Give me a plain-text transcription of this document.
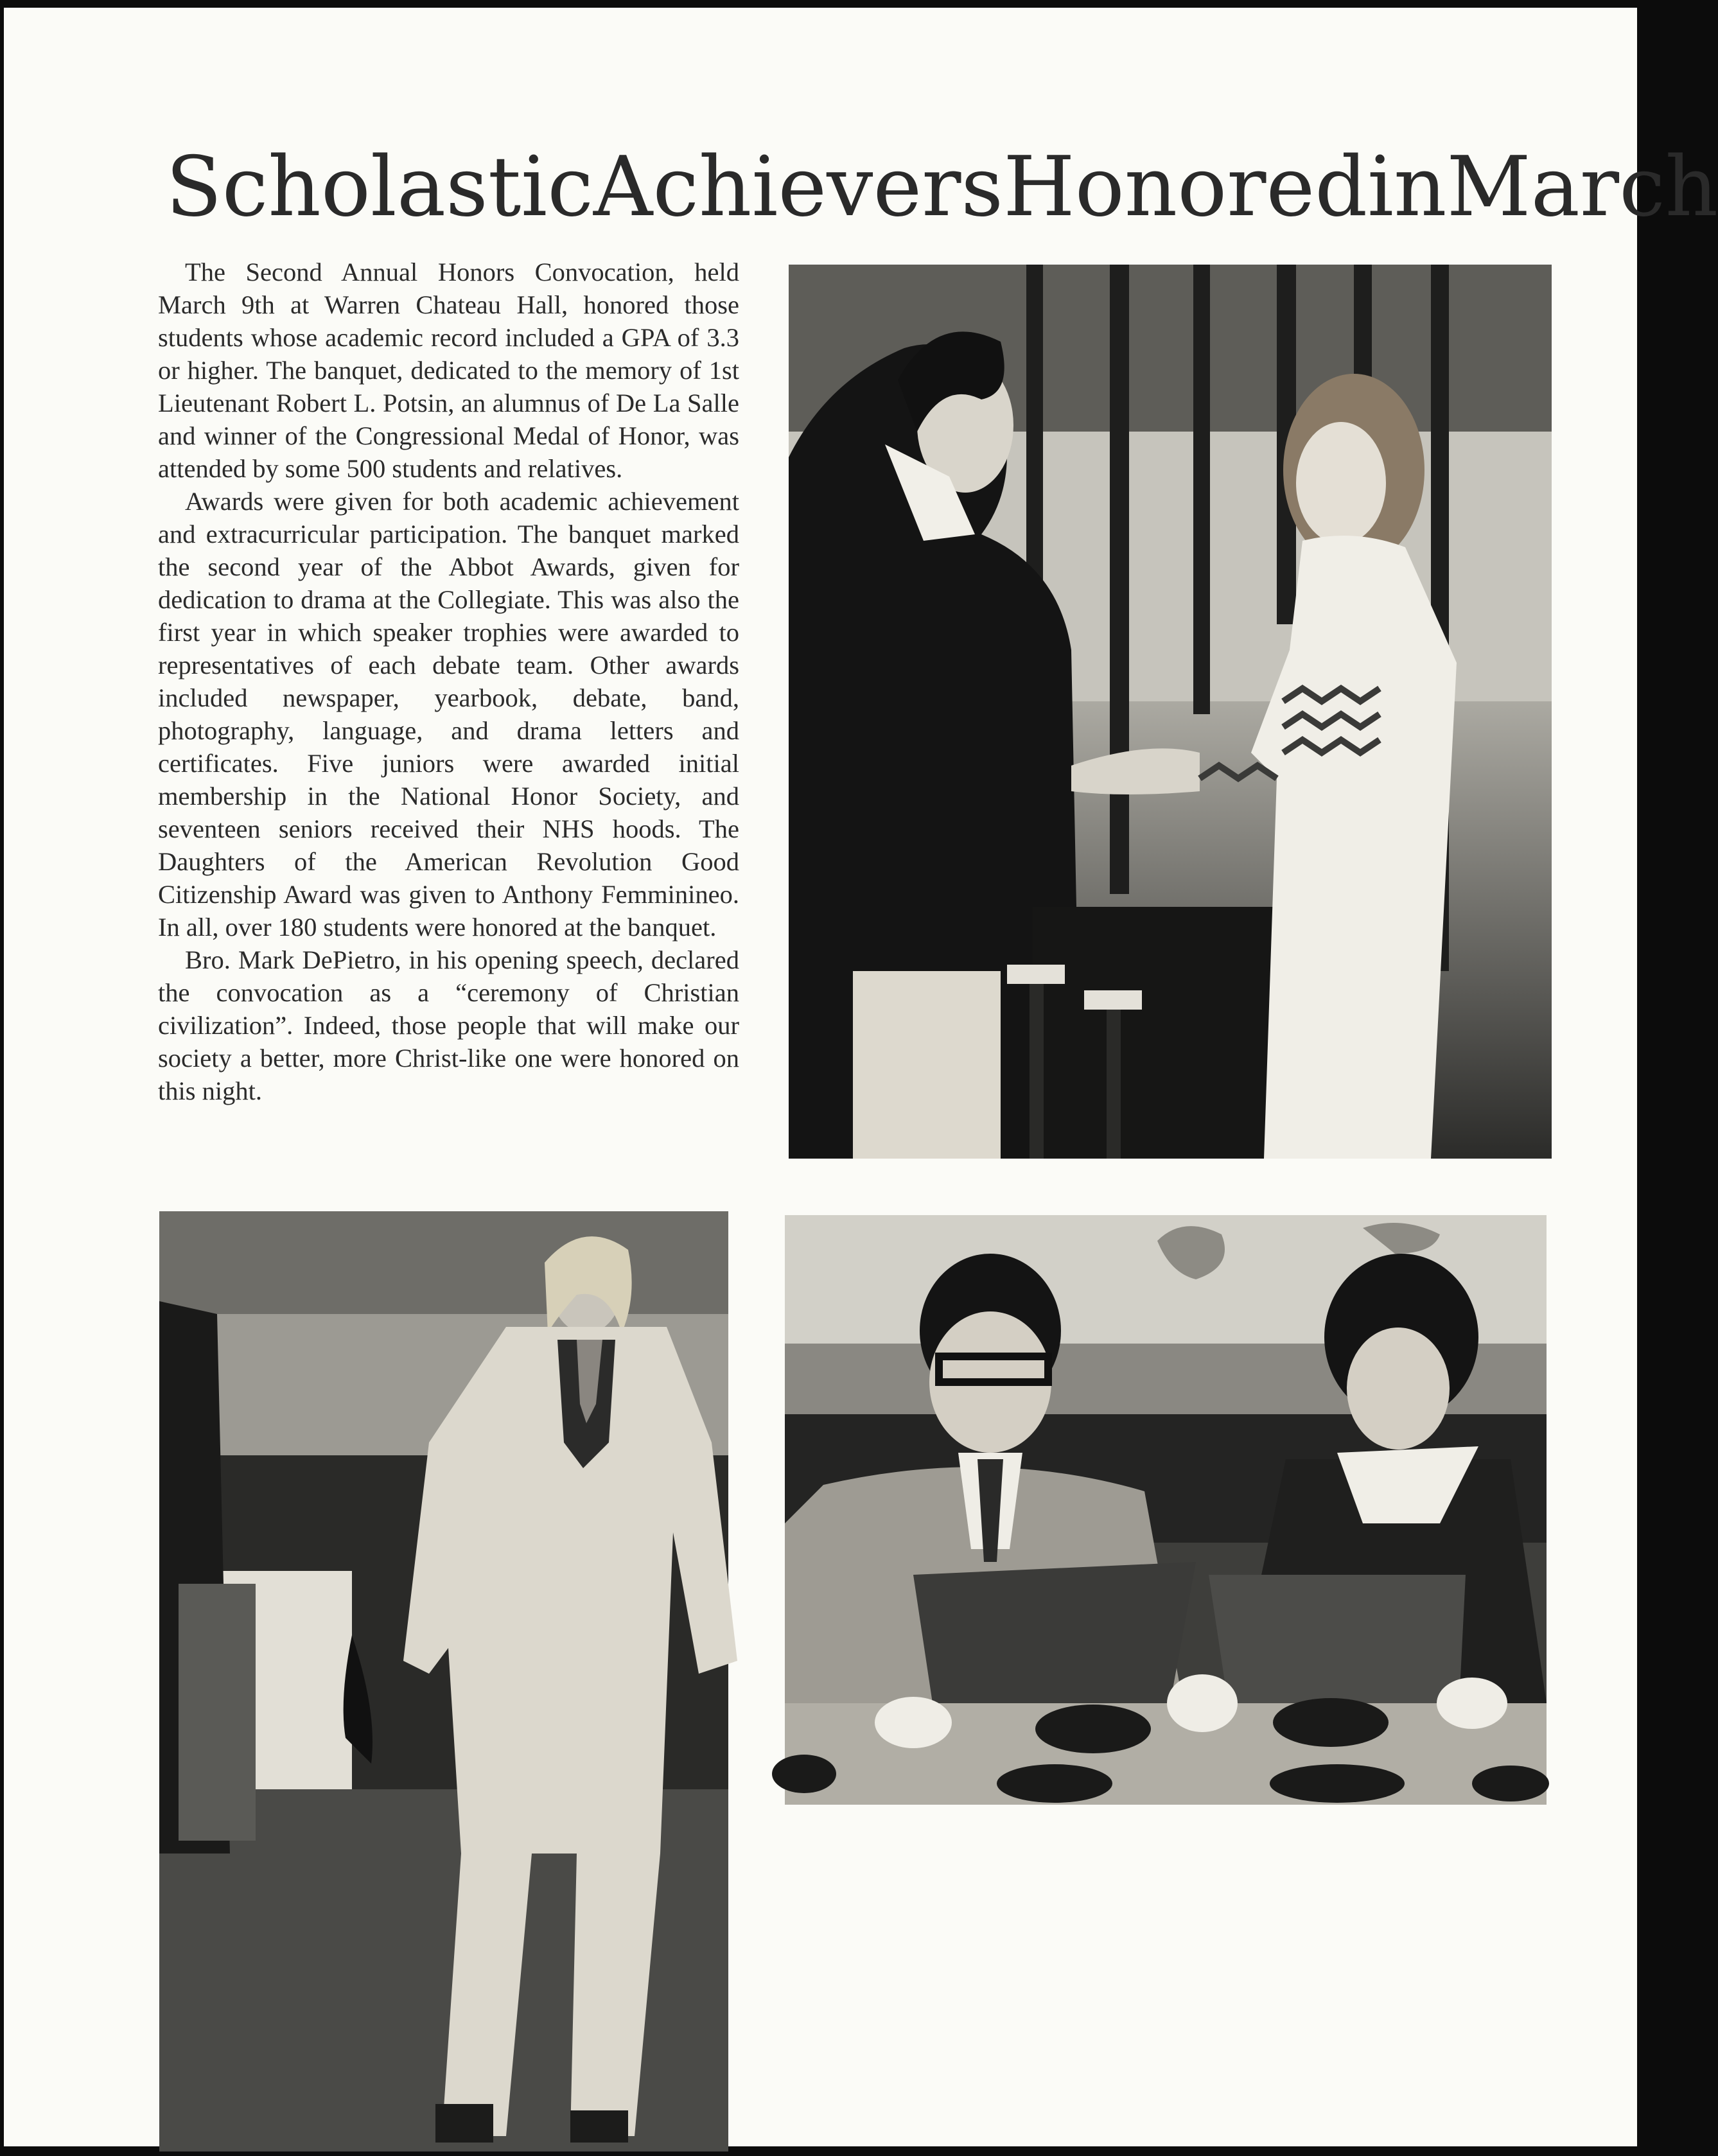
Scholastic Achievers Honored in March

The Second Annual Honors Convocation, held March 9th at Warren Chateau Hall, honored those students whose academic record included a GPA of 3.3 or higher. The banquet, dedicated to the memory of 1st Lieutenant Robert L. Potsin, an alumnus of De La Salle and winner of the Congressional Medal of Honor, was attended by some 500 students and relatives.

Awards were given for both academic achievement and extracurricular participation. The banquet marked the second year of the Abbot Awards, given for dedication to drama at the Collegiate. This was also the first year in which speaker trophies were awarded to representatives of each debate team. Other awards included newspaper, yearbook, debate, band, photography, language, and drama letters and certificates. Five juniors were awarded initial membership in the National Honor Society, and seventeen seniors received their NHS hoods. The Daughters of the American Revolution Good Citizenship Award was given to Anthony Femminineo. In all, over 180 students were honored at the banquet.

Bro. Mark DePietro, in his opening speech, declared the convocation as a “ceremony of Christian civilization”. Indeed, those people that will make our society a better, more Christ-like one were honored on this night.
